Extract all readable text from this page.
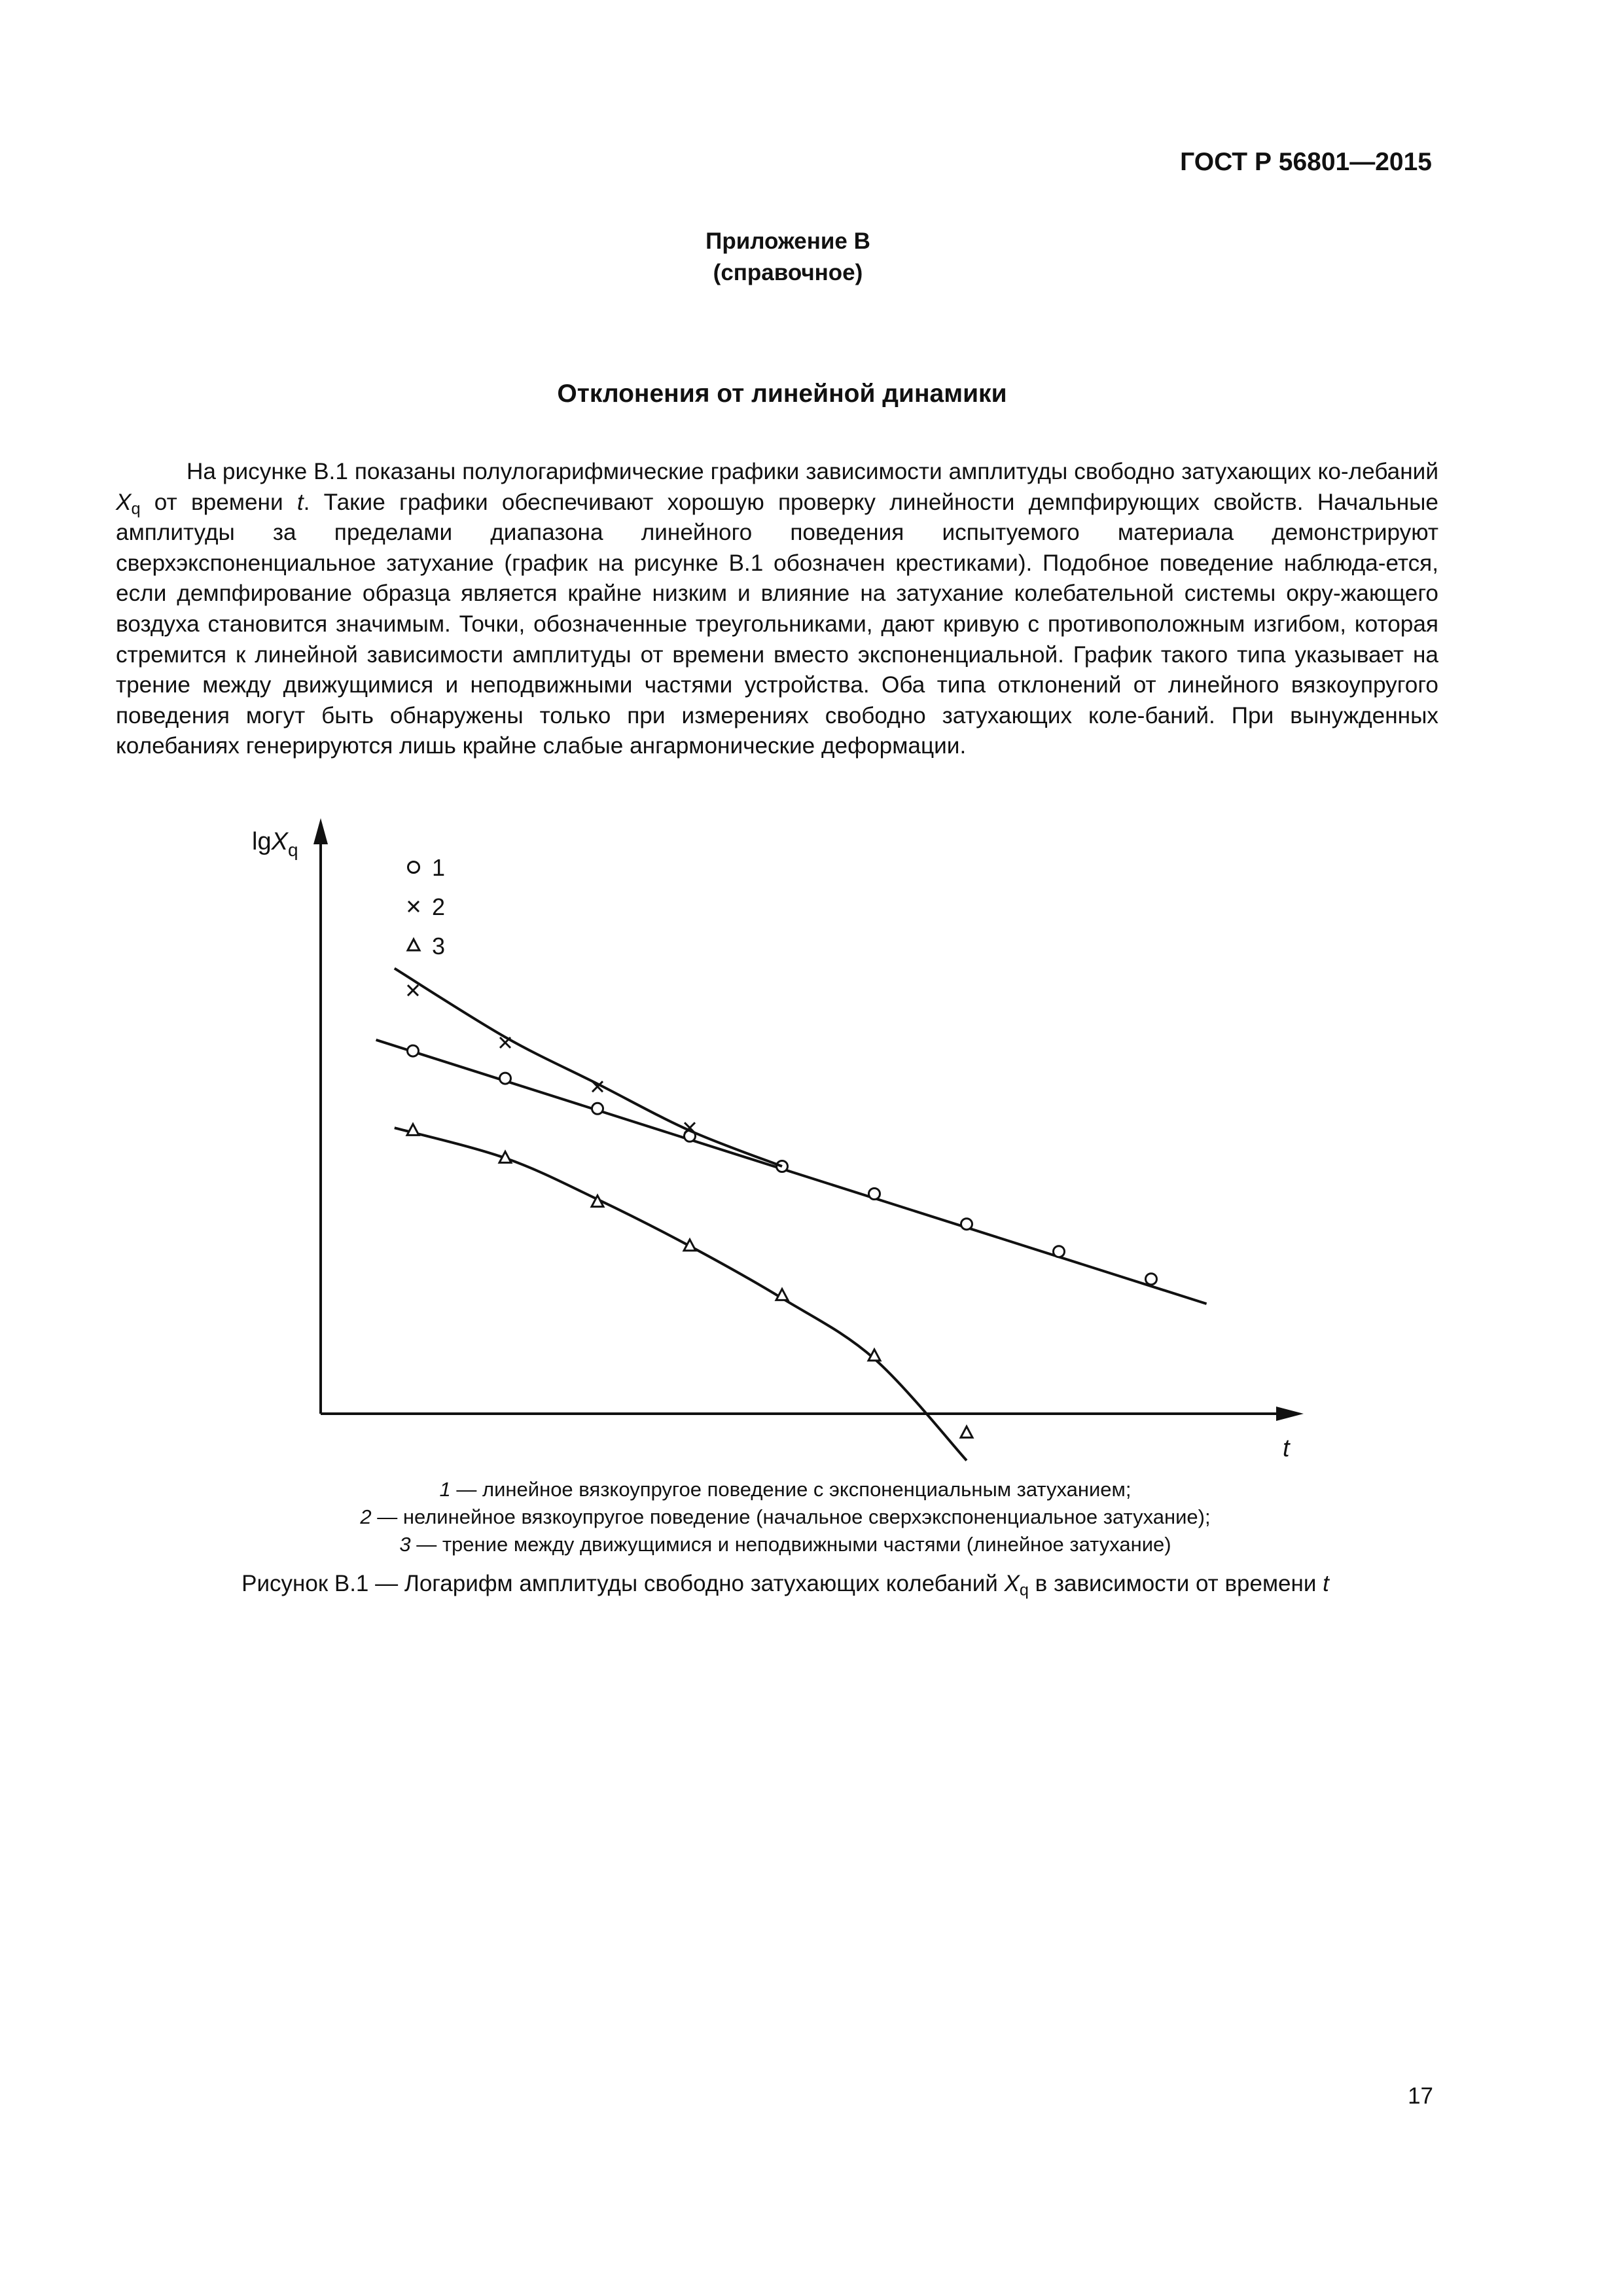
ГОСТ Р 56801—2015
Приложение В
(справочное)
Отклонения от линейной динамики

На рисунке В.1 показаны полулогарифмические графики зависимости амплитуды свободно затухающих ко-лебаний $X_q$ от времени t. Такие графики обеспечивают хорошую проверку линейности демпфирующих свойств. Начальные амплитуды за пределами диапазона линейного поведения испытуемого материала демонстрируют сверхэкспоненциальное затухание (график на рисунке В.1 обозначен крестиками). Подобное поведение наблюда-ется, если демпфирование образца является крайне низким и влияние на затухание колебательной системы окру-жающего воздуха становится значимым. Точки, обозначенные треугольниками, дают кривую с противоположным изгибом, которая стремится к линейной зависимости амплитуды от времени вместо экспоненциальной. График такого типа указывает на трение между движущимися и неподвижными частями устройства. Оба типа отклонений от линейного вязкоупругого поведения могут быть обнаружены только при измерениях свободно затухающих коле-баний. При вынужденных колебаниях генерируются лишь крайне слабые ангармонические деформации.

lgX$_q$
t
1
2
3
1 — линейное вязкоупругое поведение с экспоненциальным затуханием;
2 — нелинейное вязкоупругое поведение (начальное сверхэкспоненциальное затухание);
3 — трение между движущимися и неподвижными частями (линейное затухание)
Рисунок В.1 — Логарифм амплитуды свободно затухающих колебаний $X_q$ в зависимости от времени t
17
